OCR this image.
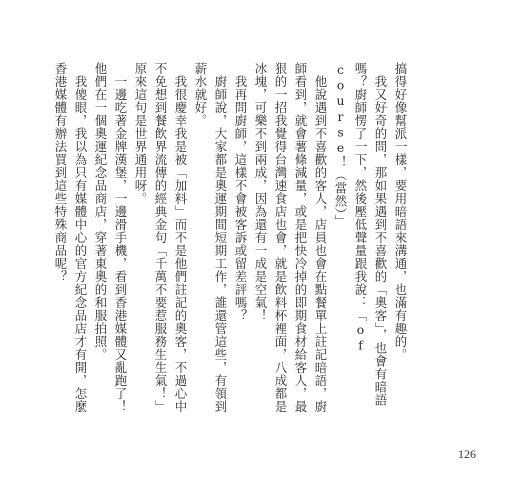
搞得好像幫派一樣，要用暗語來溝通，也滿有趣的。

　我又好奇的問，那如果遇到不喜歡的「奧客」，也會有暗語嗎？廚師愣了一下，然後壓低聲量跟我說：「of course！（當然）」

　他說遇到不喜歡的客人，店員也會在點餐單上註記暗語，廚師看到，就會薯條減量，或是把快冷掉的即期食材給客人，最狠的一招我覺得台灣速食店也會，就是飲料杯裡面，八成都是冰塊，可樂不到兩成，因為還有一成是空氣！

　我再問廚師，這樣不會被客訴或留差評嗎？

　廚師說，大家都是奧運期間短期工作，誰還管這些，有領到薪水就好。

　我很慶幸我是被「加料」而不是他們註記的奧客，不過心中不免想到餐飲界流傳的經典金句「千萬不要惹服務生生氣！」原來這句是世界通用呀。

　一邊吃著金牌漢堡，一邊滑手機，看到香港媒體又亂跑了！他們在一個奧運紀念品商店，穿著東奧的和服拍照。

　我傻眼，我以為只有媒體中心的官方紀念品店才有開，怎麼香港媒體有辦法買到這些特殊商品呢？

126
